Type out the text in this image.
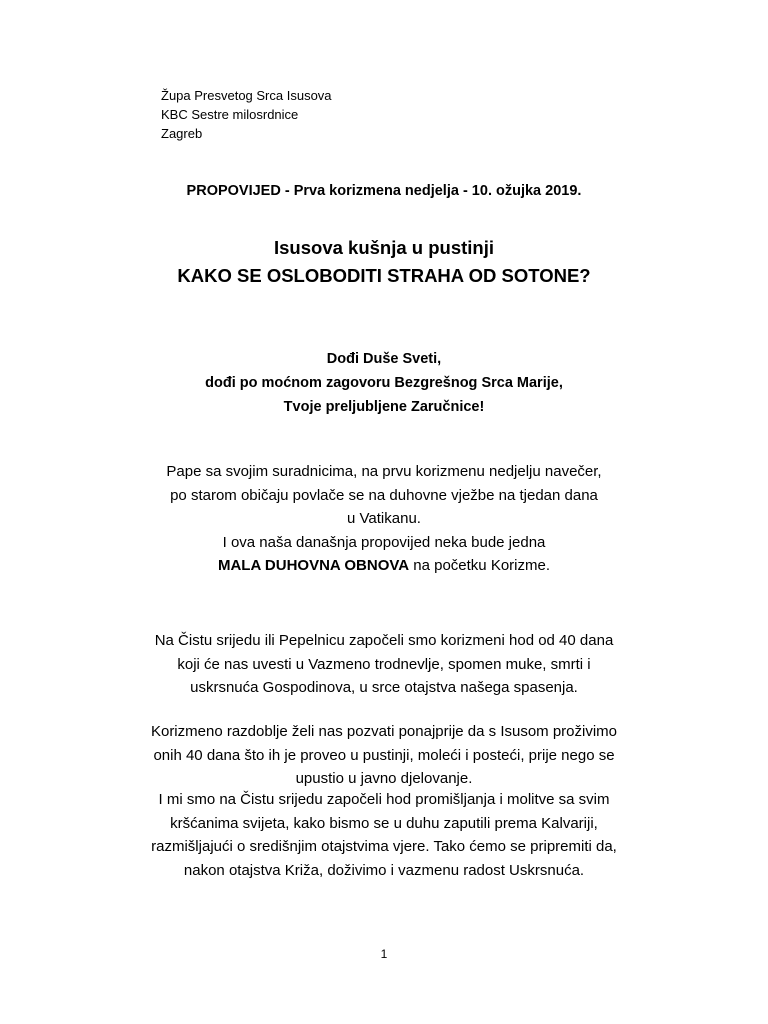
Župa Presvetog Srca Isusova
KBC Sestre milosrdnice
Zagreb
PROPOVIJED - Prva korizmena nedjelja - 10. ožujka 2019.
Isusova kušnja u pustinji
KAKO SE OSLOBODITI STRAHA OD SOTONE?
Dođi Duše Sveti,
dođi po moćnom zagovoru Bezgrešnog Srca Marije,
Tvoje preljubljene Zaručnice!
Pape sa svojim suradnicima, na prvu korizmenu nedjelju navečer,
po starom običaju povlače se na duhovne vježbe na tjedan dana
u Vatikanu.
I ova naša današnja propovijed neka bude jedna
MALA DUHOVNA OBNOVA na početku Korizme.
Na Čistu srijedu ili Pepelnicu započeli smo korizmeni hod od 40 dana
koji će nas uvesti u Vazmeno trodnevlje, spomen muke, smrti i
uskrsnuća Gospodinova, u srce otajstva našega spasenja.
Korizmeno razdoblje želi nas pozvati ponajprije da s Isusom proživimo
onih 40 dana što ih je proveo u pustinji, moleći i posteći, prije nego se
upustio u javno djelovanje.
I mi smo na Čistu srijedu započeli hod promišljanja i molitve sa svim
kršćanima svijeta, kako bismo se u duhu zaputili prema Kalvariji,
razmišljajući o središnjim otajstvima vjere. Tako ćemo se pripremiti da,
nakon otajstva Križa, doživimo i vazmenu radost Uskrsnuća.
1
